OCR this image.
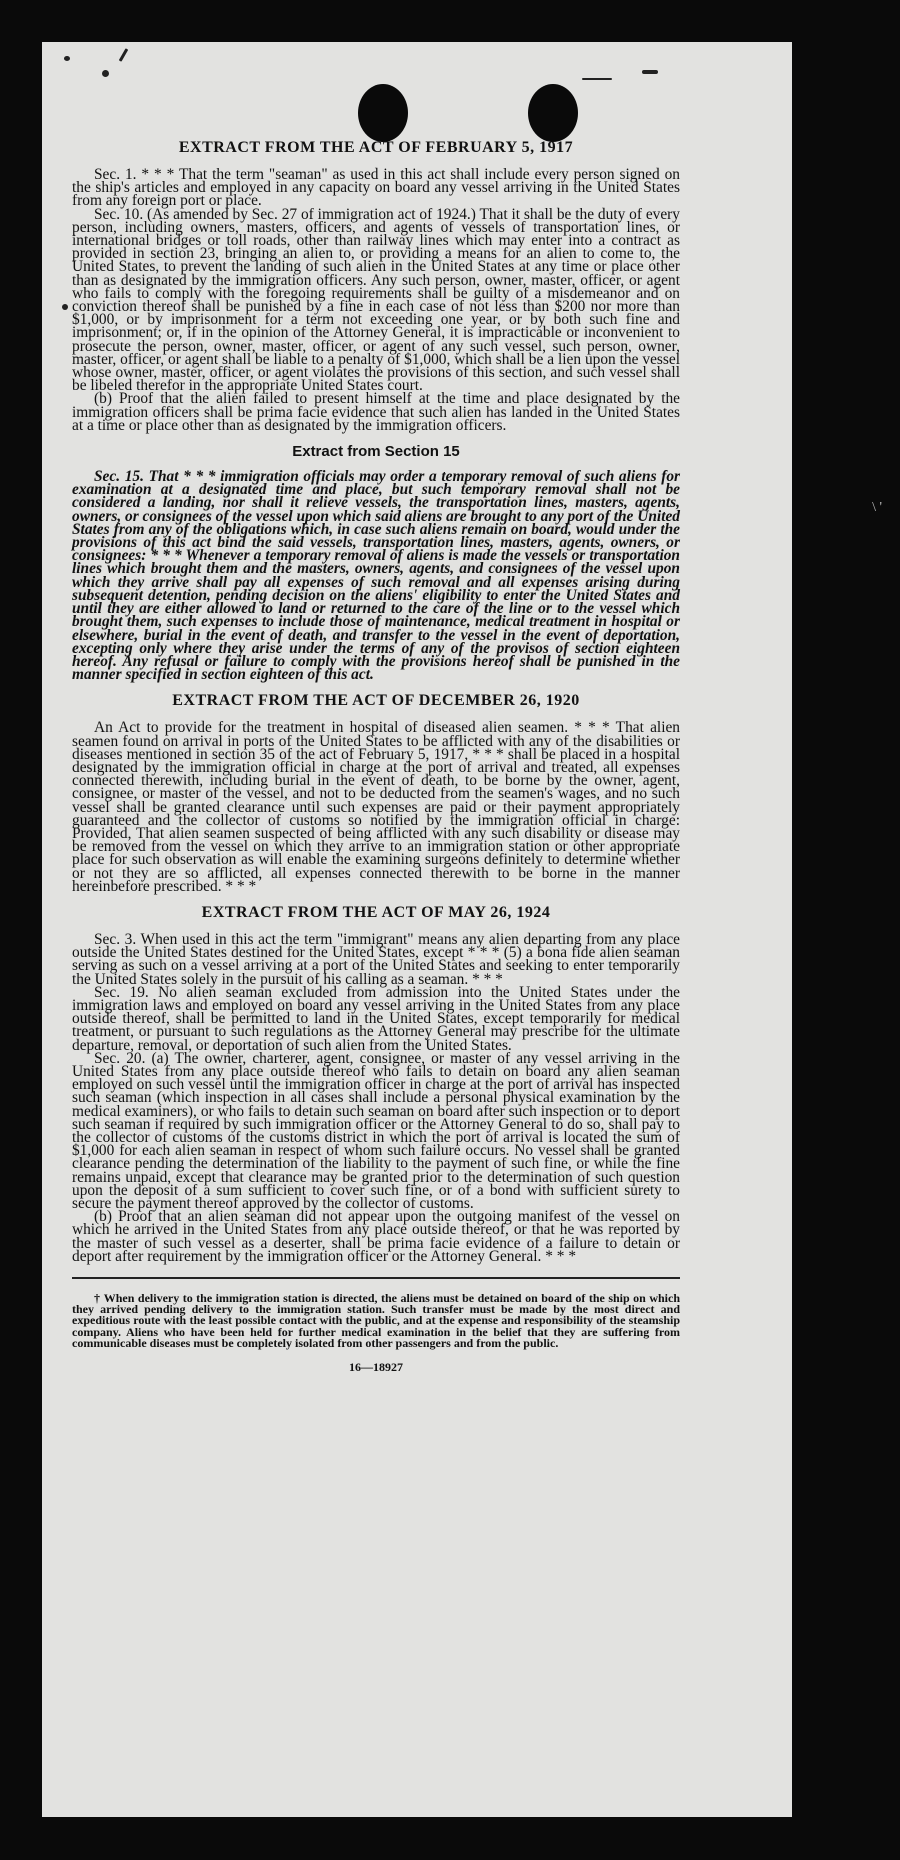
EXTRACT FROM THE ACT OF FEBRUARY 5, 1917

Sec. 1. * * * That the term "seaman" as used in this act shall include every person signed on the ship's articles and employed in any capacity on board any vessel arriving in the United States from any foreign port or place.

Sec. 10. (As amended by Sec. 27 of immigration act of 1924.) That it shall be the duty of every person, including owners, masters, officers, and agents of vessels of transportation lines, or international bridges or toll roads, other than railway lines which may enter into a contract as provided in section 23, bringing an alien to, or providing a means for an alien to come to, the United States, to prevent the landing of such alien in the United States at any time or place other than as designated by the immigration officers. Any such person, owner, master, officer, or agent who fails to comply with the foregoing requirements shall be guilty of a misdemeanor and on conviction thereof shall be punished by a fine in each case of not less than $200 nor more than $1,000, or by imprisonment for a term not exceeding one year, or by both such fine and imprisonment; or, if in the opinion of the Attorney General, it is impracticable or inconvenient to prosecute the person, owner, master, officer, or agent of any such vessel, such person, owner, master, officer, or agent shall be liable to a penalty of $1,000, which shall be a lien upon the vessel whose owner, master, officer, or agent violates the provisions of this section, and such vessel shall be libeled therefor in the appropriate United States court.

(b) Proof that the alien failed to present himself at the time and place designated by the immigration officers shall be prima facie evidence that such alien has landed in the United States at a time or place other than as designated by the immigration officers.

Extract from Section 15

Sec. 15. That * * * immigration officials may order a temporary removal of such aliens for examination at a designated time and place, but such temporary removal shall not be considered a landing, nor shall it relieve vessels, the transportation lines, masters, agents, owners, or consignees of the vessel upon which said aliens are brought to any port of the United States from any of the obligations which, in case such aliens remain on board, would under the provisions of this act bind the said vessels, transportation lines, masters, agents, owners, or consignees: * * * Whenever a temporary removal of aliens is made the vessels or transportation lines which brought them and the masters, owners, agents, and consignees of the vessel upon which they arrive shall pay all expenses of such removal and all expenses arising during subsequent detention, pending decision on the aliens' eligibility to enter the United States and until they are either allowed to land or returned to the care of the line or to the vessel which brought them, such expenses to include those of maintenance, medical treatment in hospital or elsewhere, burial in the event of death, and transfer to the vessel in the event of deportation, excepting only where they arise under the terms of any of the provisos of section eighteen hereof. Any refusal or failure to comply with the provisions hereof shall be punished in the manner specified in section eighteen of this act.

EXTRACT FROM THE ACT OF DECEMBER 26, 1920

An Act to provide for the treatment in hospital of diseased alien seamen. * * * That alien seamen found on arrival in ports of the United States to be afflicted with any of the disabilities or diseases mentioned in section 35 of the act of February 5, 1917, * * * shall be placed in a hospital designated by the immigration official in charge at the port of arrival and treated, all expenses connected therewith, including burial in the event of death, to be borne by the owner, agent, consignee, or master of the vessel, and not to be deducted from the seamen's wages, and no such vessel shall be granted clearance until such expenses are paid or their payment appropriately guaranteed and the collector of customs so notified by the immigration official in charge: Provided, That alien seamen suspected of being afflicted with any such disability or disease may be removed from the vessel on which they arrive to an immigration station or other appropriate place for such observation as will enable the examining surgeons definitely to determine whether or not they are so afflicted, all expenses connected therewith to be borne in the manner hereinbefore prescribed. * * *

EXTRACT FROM THE ACT OF MAY 26, 1924

Sec. 3. When used in this act the term "immigrant" means any alien departing from any place outside the United States destined for the United States, except * * * (5) a bona fide alien seaman serving as such on a vessel arriving at a port of the United States and seeking to enter temporarily the United States solely in the pursuit of his calling as a seaman. * * *

Sec. 19. No alien seaman excluded from admission into the United States under the immigration laws and employed on board any vessel arriving in the United States from any place outside thereof, shall be permitted to land in the United States, except temporarily for medical treatment, or pursuant to such regulations as the Attorney General may prescribe for the ultimate departure, removal, or deportation of such alien from the United States.

Sec. 20. (a) The owner, charterer, agent, consignee, or master of any vessel arriving in the United States from any place outside thereof who fails to detain on board any alien seaman employed on such vessel until the immigration officer in charge at the port of arrival has inspected such seaman (which inspection in all cases shall include a personal physical examination by the medical examiners), or who fails to detain such seaman on board after such inspection or to deport such seaman if required by such immigration officer or the Attorney General to do so, shall pay to the collector of customs of the customs district in which the port of arrival is located the sum of $1,000 for each alien seaman in respect of whom such failure occurs. No vessel shall be granted clearance pending the determination of the liability to the payment of such fine, or while the fine remains unpaid, except that clearance may be granted prior to the determination of such question upon the deposit of a sum sufficient to cover such fine, or of a bond with sufficient surety to secure the payment thereof approved by the collector of customs.

(b) Proof that an alien seaman did not appear upon the outgoing manifest of the vessel on which he arrived in the United States from any place outside thereof, or that he was reported by the master of such vessel as a deserter, shall be prima facie evidence of a failure to detain or deport after requirement by the immigration officer or the Attorney General. * * *

† When delivery to the immigration station is directed, the aliens must be detained on board of the ship on which they arrived pending delivery to the immigration station. Such transfer must be made by the most direct and expeditious route with the least possible contact with the public, and at the expense and responsibility of the steamship company. Aliens who have been held for further medical examination in the belief that they are suffering from communicable diseases must be completely isolated from other passengers and from the public.

16—18927
\ '
